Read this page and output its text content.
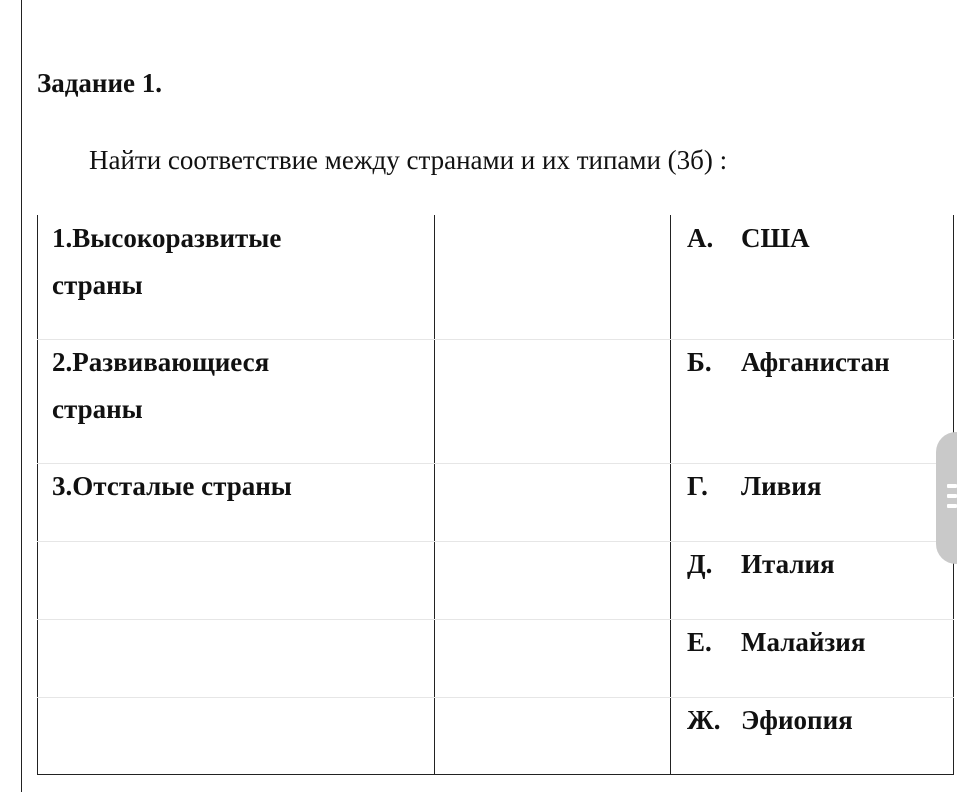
Задание 1.
Найти соответствие между странами и их типами (3б) :
1.Высокоразвитые
страны
2.Развивающиеся
страны
3.Отсталые страны
А. США
Б. Афганистан
Г. Ливия
Д. Италия
Е. Малайзия
Ж. Эфиопия
